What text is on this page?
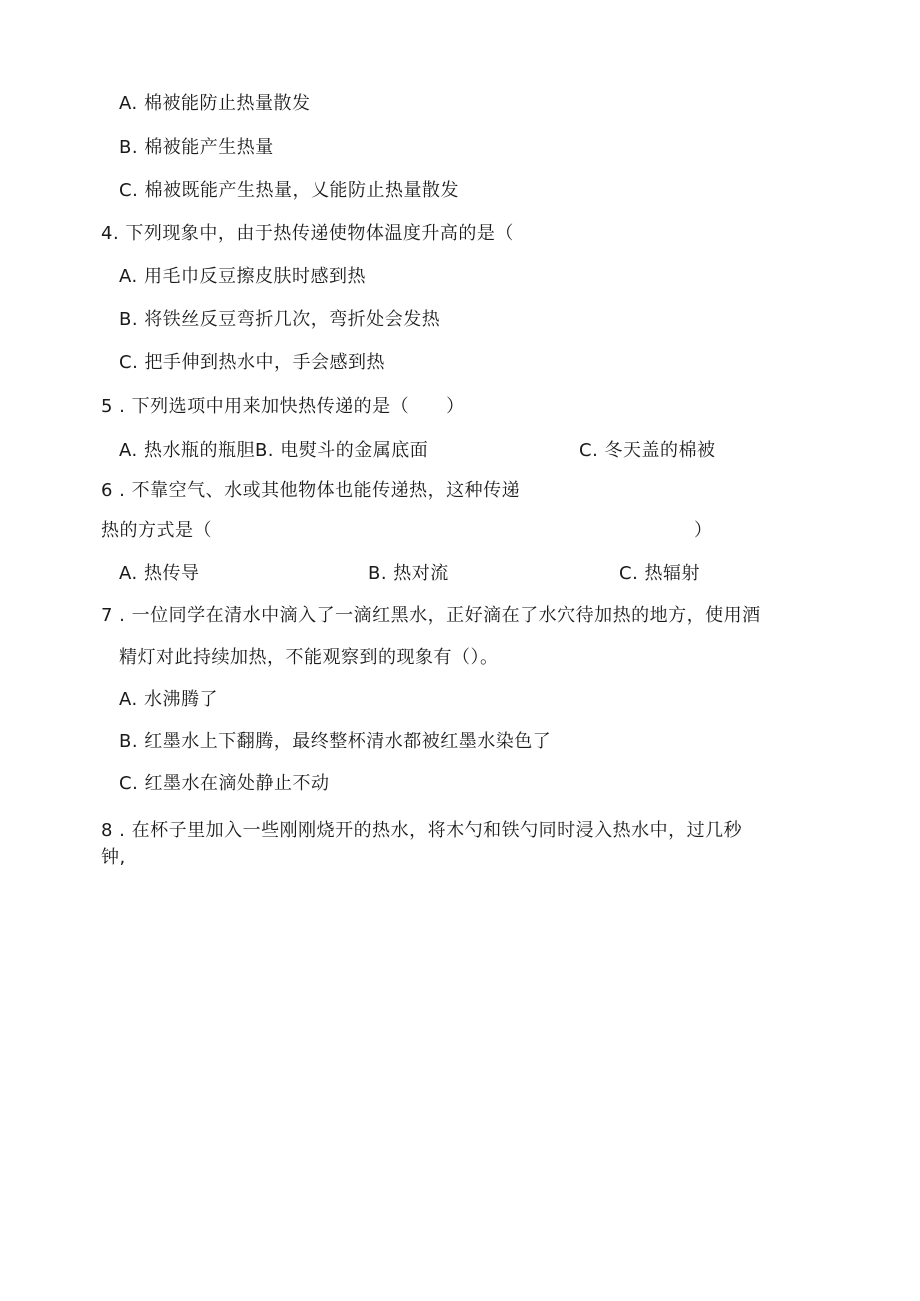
A. 棉被能防止热量散发
B. 棉被能产生热量
C. 棉被既能产生热量，乂能防止热量散发
4. 下列现象中，由于热传递使物体温度升高的是（
A. 用毛巾反豆擦皮肤时感到热
B. 将铁丝反豆弯折几次，弯折处会发热
C. 把手伸到热水中，手会感到热
5 . 下列选项中用来加快热传递的是（　　）
A. 热水瓶的瓶胆B. 电熨斗的金属底面	C. 冬天盖的棉被
6 . 不靠空气、水或其他物体也能传递热，这种传递
热的方式是（	）
A. 热传导	B. 热对流	C. 热辐射
7 . 一位同学在清水中滴入了一滴红黑水，正好滴在了水穴待加热的地方，使用酒
精灯对此持续加热，不能观察到的现象有（）。
A. 水沸腾了
B. 红墨水上下翻腾，最终整杯清水都被红墨水染色了
C. 红墨水在滴处静止不动
8 . 在杯子里加入一些刚刚烧开的热水，将木勺和铁勺同时浸入热水中，过几秒
钟,
